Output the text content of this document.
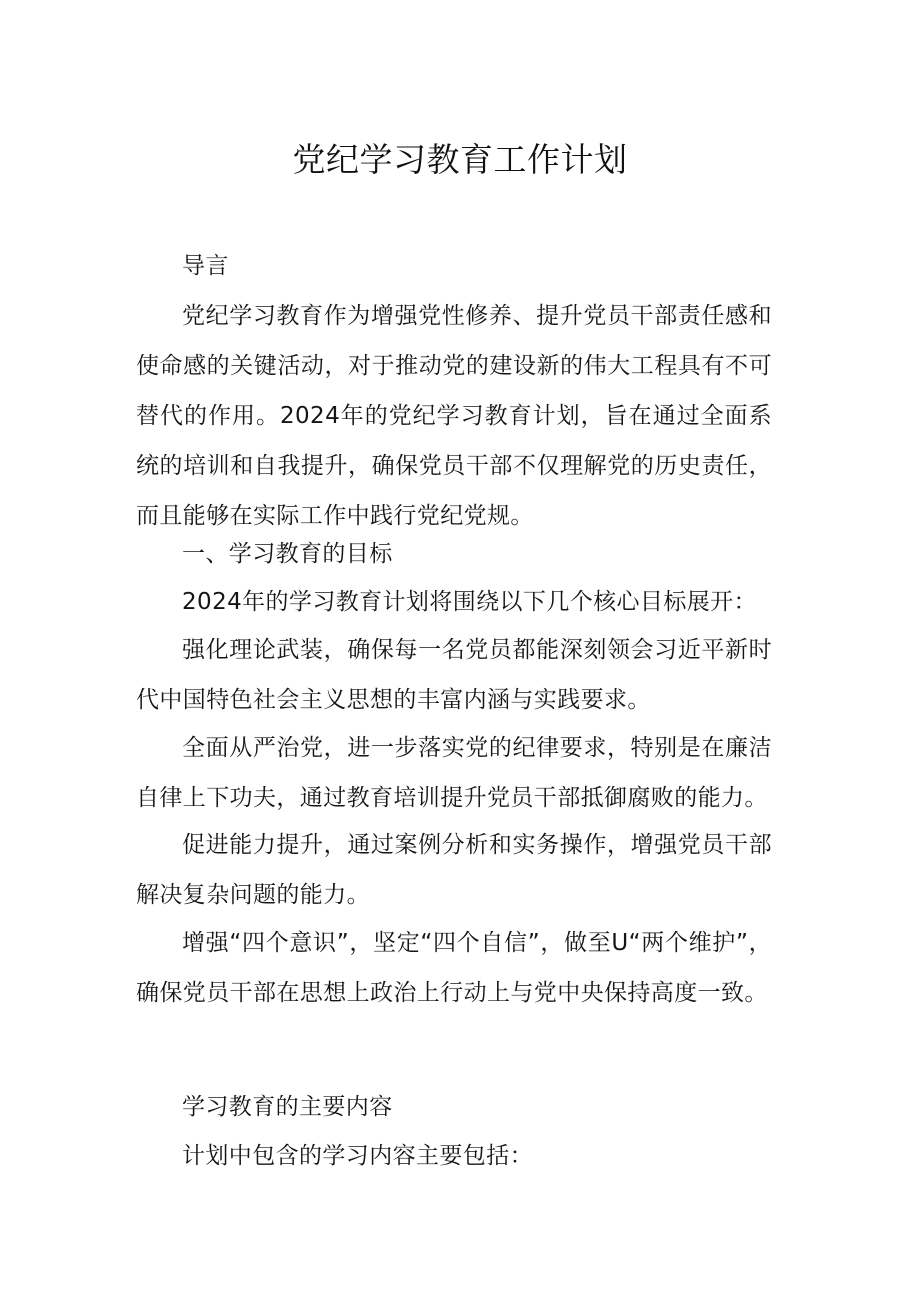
党纪学习教育工作计划

导言

党纪学习教育作为增强党性修养、提升党员干部责任感和使命感的关键活动，对于推动党的建设新的伟大工程具有不可替代的作用。2024年的党纪学习教育计划，旨在通过全面系统的培训和自我提升，确保党员干部不仅理解党的历史责任，而且能够在实际工作中践行党纪党规。

一、学习教育的目标

2024年的学习教育计划将围绕以下几个核心目标展开：

强化理论武装，确保每一名党员都能深刻领会习近平新时代中国特色社会主义思想的丰富内涵与实践要求。

全面从严治党，进一步落实党的纪律要求，特别是在廉洁自律上下功夫，通过教育培训提升党员干部抵御腐败的能力。

促进能力提升，通过案例分析和实务操作，增强党员干部解决复杂问题的能力。

增强“四个意识”，坚定“四个自信”，做至U“两个维护”，确保党员干部在思想上政治上行动上与党中央保持高度一致。

学习教育的主要内容

计划中包含的学习内容主要包括：
